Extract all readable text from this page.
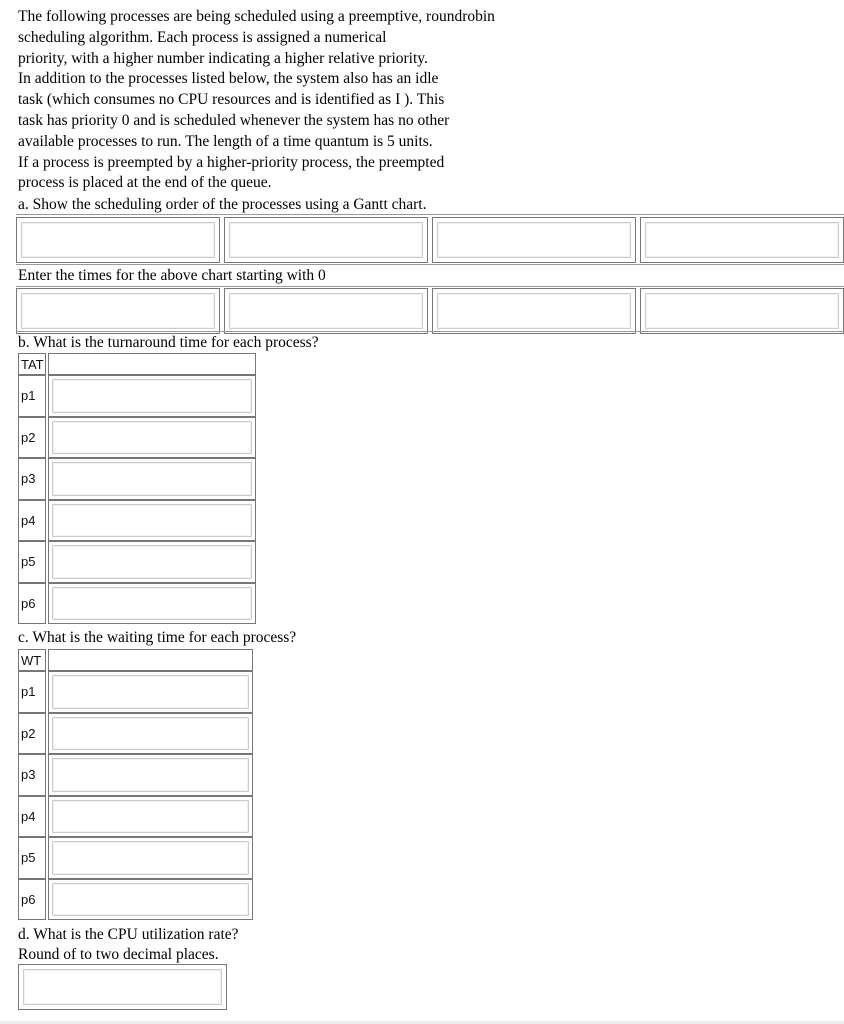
The following processes are being scheduled using a preemptive, roundrobin

scheduling algorithm. Each process is assigned a numerical

priority, with a higher number indicating a higher relative priority.

In addition to the processes listed below, the system also has an idle

task (which consumes no CPU resources and is identified as I ). This

task has priority 0 and is scheduled whenever the system has no other

available processes to run. The length of a time quantum is 5 units.

If a process is preempted by a higher-priority process, the preempted

process is placed at the end of the queue.

a. Show the scheduling order of the processes using a Gantt chart.
Enter the times for the above chart starting with 0
b. What is the turnaround time for each process?
TAT
p1
p2
p3
p4
p5
p6
c. What is the waiting time for each process?
WT
p1
p2
p3
p4
p5
p6
d. What is the CPU utilization rate?
Round of to two decimal places.
